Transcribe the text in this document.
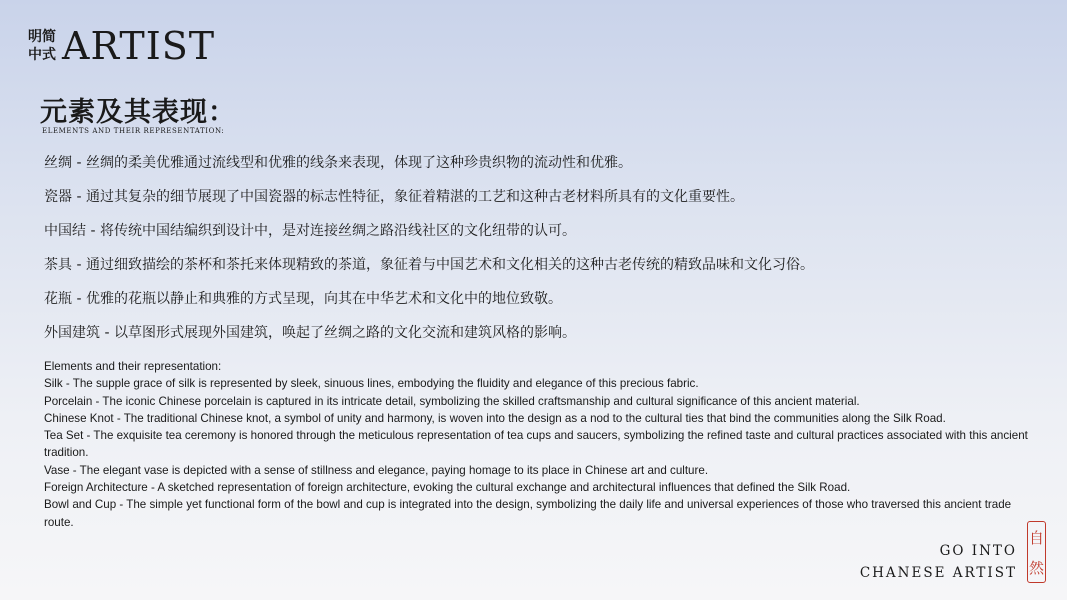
明简
中式 ARTIST
元素及其表现：
ELEMENTS AND THEIR REPRESENTATION:
丝绸 - 丝绸的柔美优雅通过流线型和优雅的线条来表现，体现了这种珍贵织物的流动性和优雅。
瓷器 - 通过其复杂的细节展现了中国瓷器的标志性特征，象征着精湛的工艺和这种古老材料所具有的文化重要性。
中国结 - 将传统中国结编织到设计中，是对连接丝绸之路沿线社区的文化纽带的认可。
茶具 - 通过细致描绘的茶杯和茶托来体现精致的茶道，象征着与中国艺术和文化相关的这种古老传统的精致品味和文化习俗。
花瓶 - 优雅的花瓶以静止和典雅的方式呈现，向其在中华艺术和文化中的地位致敬。
外国建筑 - 以草图形式展现外国建筑，唤起了丝绸之路的文化交流和建筑风格的影响。

Elements and their representation:

Silk - The supple grace of silk is represented by sleek, sinuous lines, embodying the fluidity and elegance of this precious fabric.

Porcelain - The iconic Chinese porcelain is captured in its intricate detail, symbolizing the skilled craftsmanship and cultural significance of this ancient material.

Chinese Knot - The traditional Chinese knot, a symbol of unity and harmony, is woven into the design as a nod to the cultural ties that bind the communities along the Silk Road.

Tea Set - The exquisite tea ceremony is honored through the meticulous representation of tea cups and saucers, symbolizing the refined taste and cultural practices associated with this ancient tradition.

Vase - The elegant vase is depicted with a sense of stillness and elegance, paying homage to its place in Chinese art and culture.

Foreign Architecture - A sketched representation of foreign architecture, evoking the cultural exchange and architectural influences that defined the Silk Road.

Bowl and Cup - The simple yet functional form of the bowl and cup is integrated into the design, symbolizing the daily life and universal experiences of those who traversed this ancient trade route.

GO INTO
CHANESE ARTIST
自
然
